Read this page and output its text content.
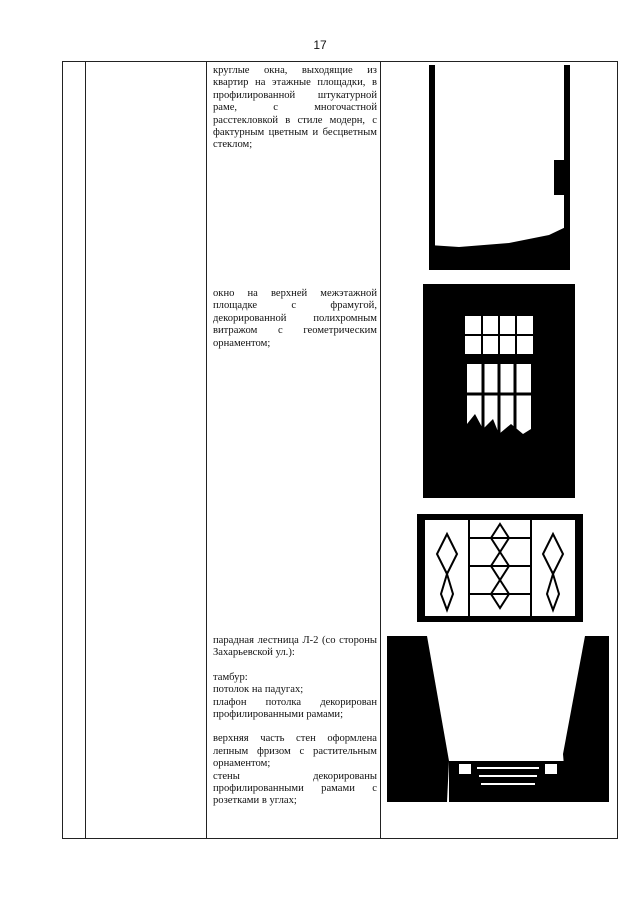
17
круглые окна, выходящие из квартир на этажные площадки, в профилированной штукатурной раме, с многочастной расстекловкой в стиле модерн, с фактурным цветным и бесцветным стеклом;
окно на верхней межэтажной площадке с фрамугой, декорированной полихромным витражом с геометрическим орнаментом;

парадная лестница Л-2 (со стороны Захарьевской ул.):

тамбур:

потолок на падугах;

плафон потолка декорирован профилированными рамами;

верхняя часть стен оформлена лепным фризом с растительным орнаментом;

стены декорированы профилированными рамами с розетками в углах;
